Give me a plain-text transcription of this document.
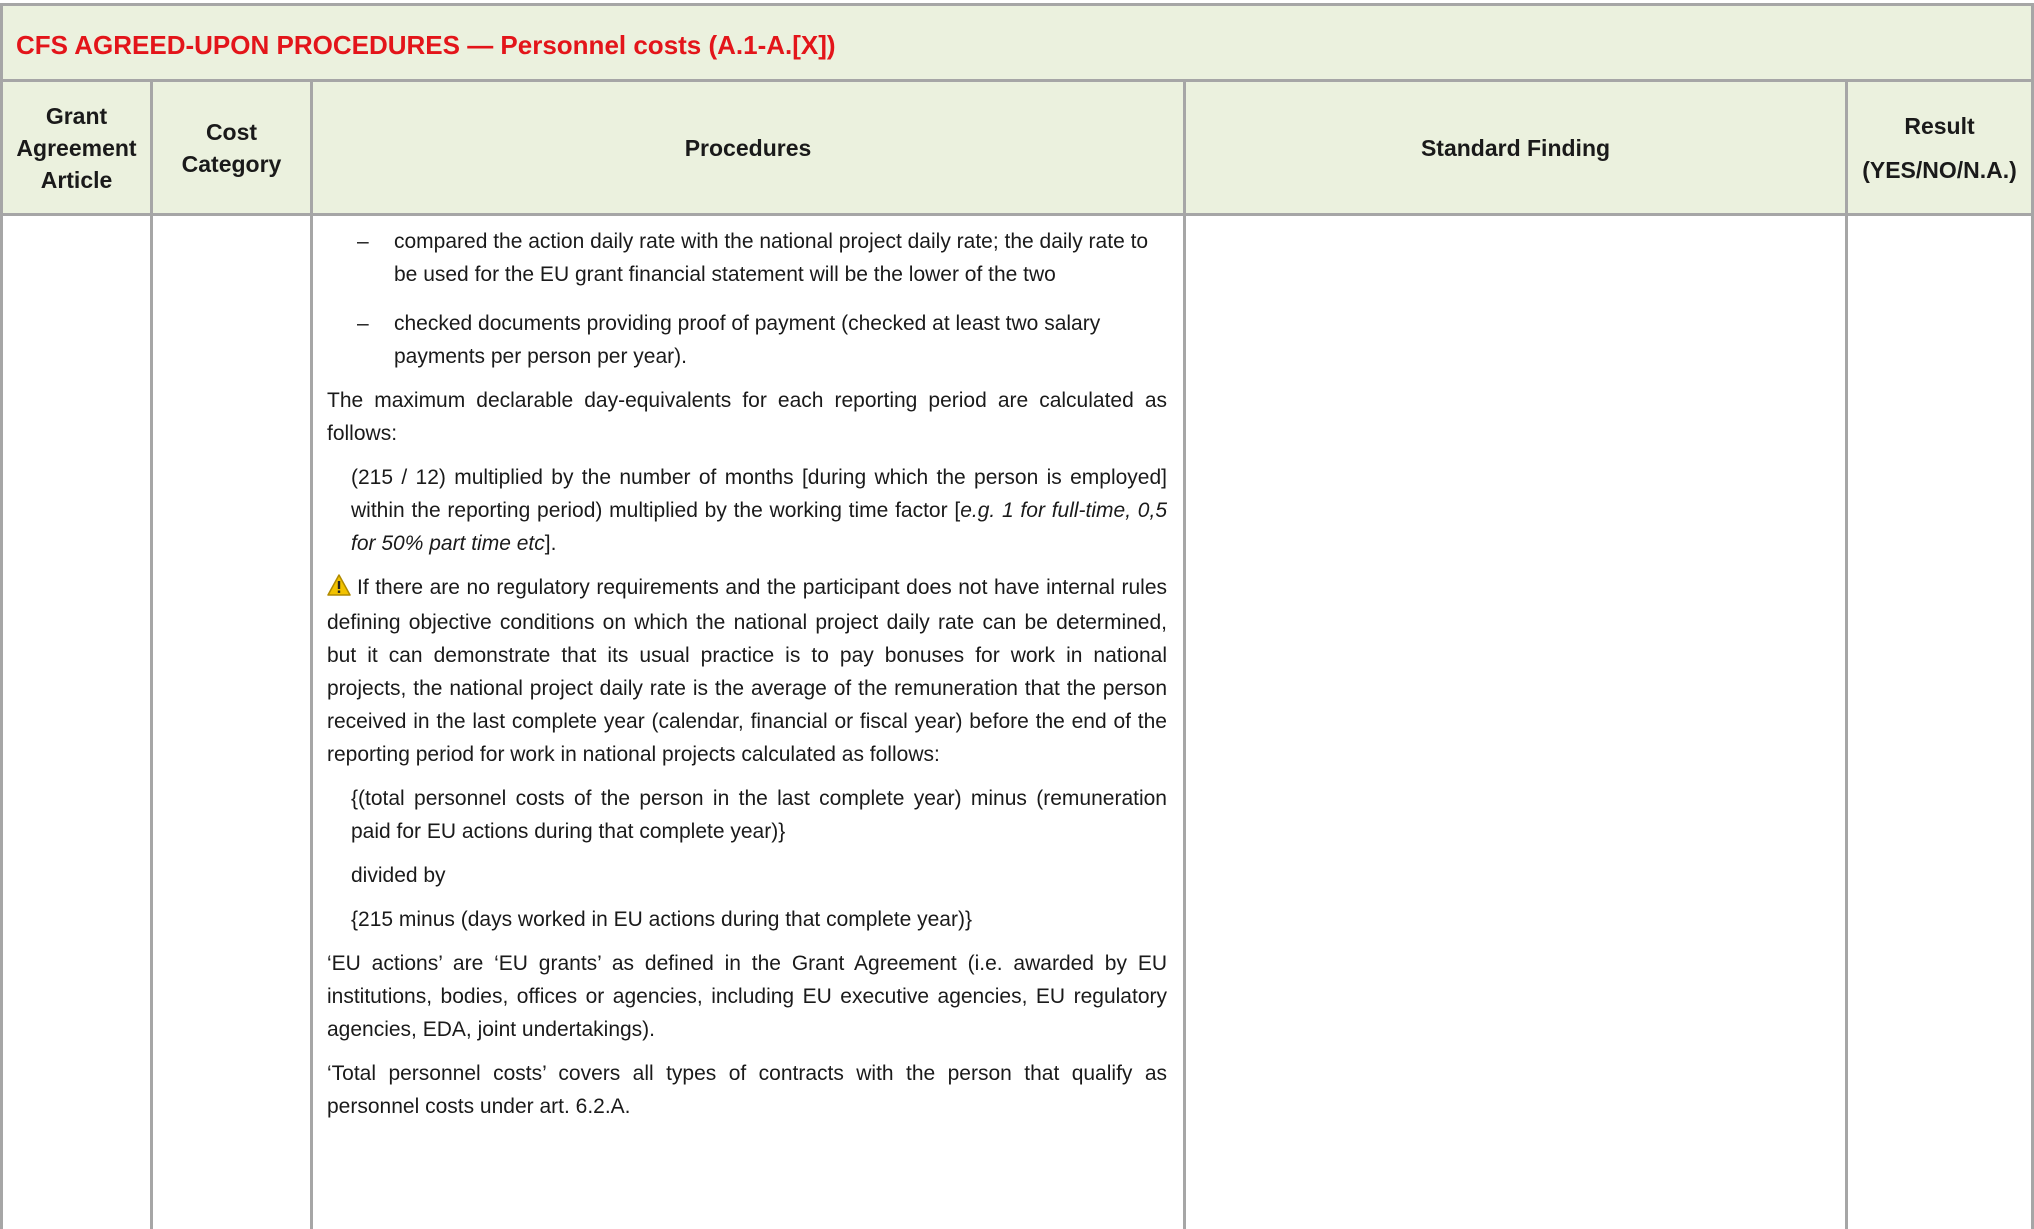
CFS AGREED-UPON PROCEDURES — Personnel costs (A.1-A.[X])
Grant
Agreement
Article
Cost Category
Procedures	Standard Finding
Result
(YES/NO/N.A.)
– compared the action daily rate with the national project daily rate; the daily rate to be used for the EU grant financial statement will be the lower of the two
– checked documents providing proof of payment (checked at least two salary payments per person per year).
The maximum declarable day-equivalents for each reporting period are calculated as follows:
(215 / 12) multiplied by the number of months [during which the person is employed] within the reporting period) multiplied by the working time factor [e.g. 1 for full-time, 0,5 for 50% part time etc].
If there are no regulatory requirements and the participant does not have internal rules defining objective conditions on which the national project daily rate can be determined, but it can demonstrate that its usual practice is to pay bonuses for work in national projects, the national project daily rate is the average of the remuneration that the person received in the last complete year (calendar, financial or fiscal year) before the end of the reporting period for work in national projects calculated as follows:
{(total personnel costs of the person in the last complete year) minus (remuneration paid for EU actions during that complete year)}
divided by
{215 minus (days worked in EU actions during that complete year)}
‘EU actions’ are ‘EU grants’ as defined in the Grant Agreement (i.e. awarded by EU institutions, bodies, offices or agencies, including EU executive agencies, EU regulatory agencies, EDA, joint undertakings).
‘Total personnel costs’ covers all types of contracts with the person that qualify as personnel costs under art. 6.2.A.
